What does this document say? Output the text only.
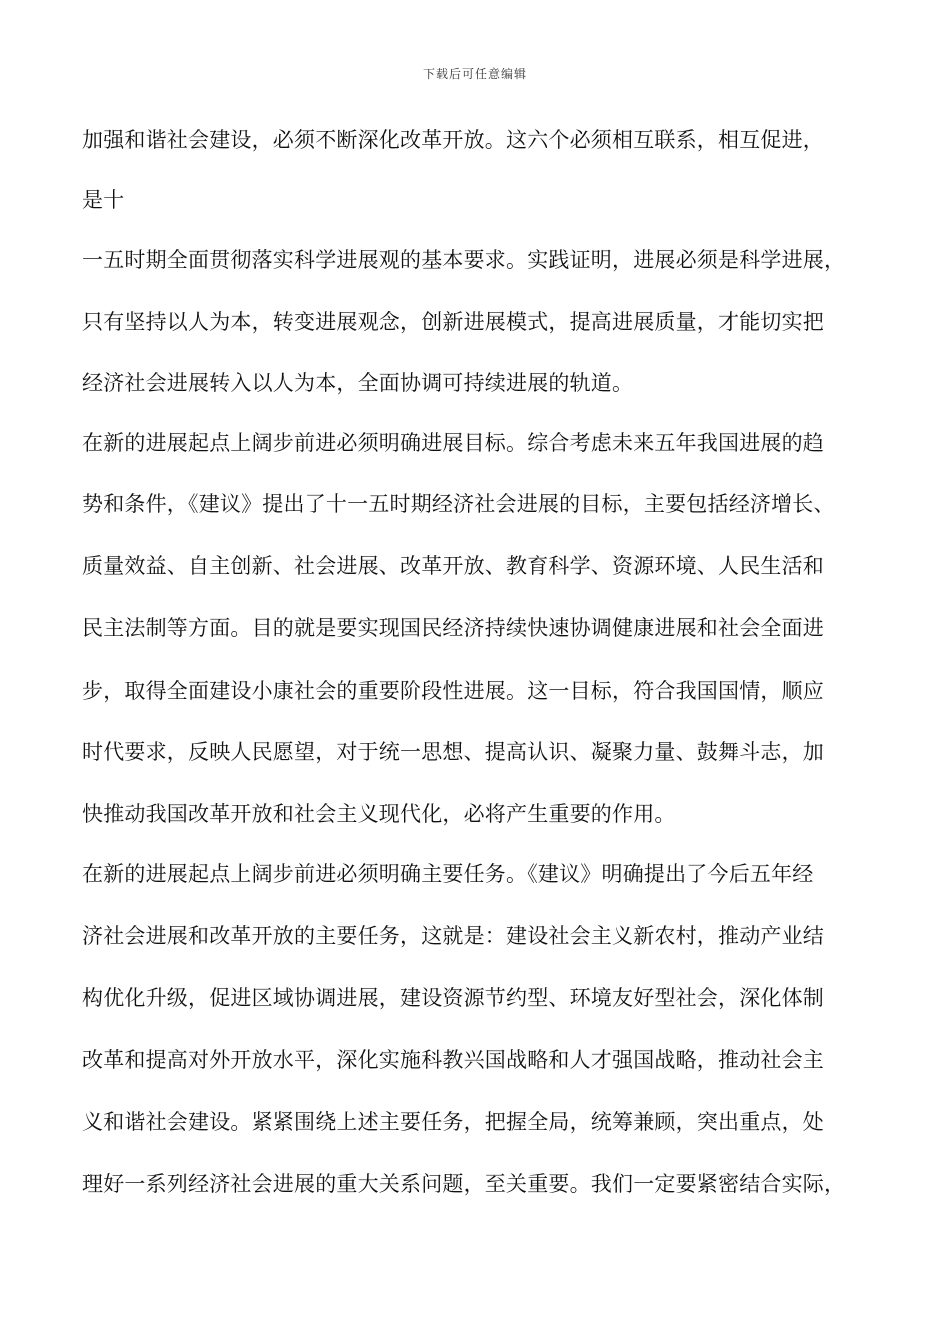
下载后可任意编辑
加强和谐社会建设，必须不断深化改革开放。这六个必须相互联系，相互促进，
是十
一五时期全面贯彻落实科学进展观的基本要求。实践证明，进展必须是科学进展，
只有坚持以人为本，转变进展观念，创新进展模式，提高进展质量，才能切实把
经济社会进展转入以人为本，全面协调可持续进展的轨道。
在新的进展起点上阔步前进必须明确进展目标。综合考虑未来五年我国进展的趋
势和条件，《建议》提出了十一五时期经济社会进展的目标，主要包括经济增长、
质量效益、自主创新、社会进展、改革开放、教育科学、资源环境、人民生活和
民主法制等方面。目的就是要实现国民经济持续快速协调健康进展和社会全面进
步，取得全面建设小康社会的重要阶段性进展。这一目标，符合我国国情，顺应
时代要求，反映人民愿望，对于统一思想、提高认识、凝聚力量、鼓舞斗志，加
快推动我国改革开放和社会主义现代化，必将产生重要的作用。
在新的进展起点上阔步前进必须明确主要任务。《建议》明确提出了今后五年经
济社会进展和改革开放的主要任务，这就是：建设社会主义新农村，推动产业结
构优化升级，促进区域协调进展，建设资源节约型、环境友好型社会，深化体制
改革和提高对外开放水平，深化实施科教兴国战略和人才强国战略，推动社会主
义和谐社会建设。紧紧围绕上述主要任务，把握全局，统筹兼顾，突出重点，处
理好一系列经济社会进展的重大关系问题，至关重要。我们一定要紧密结合实际，
